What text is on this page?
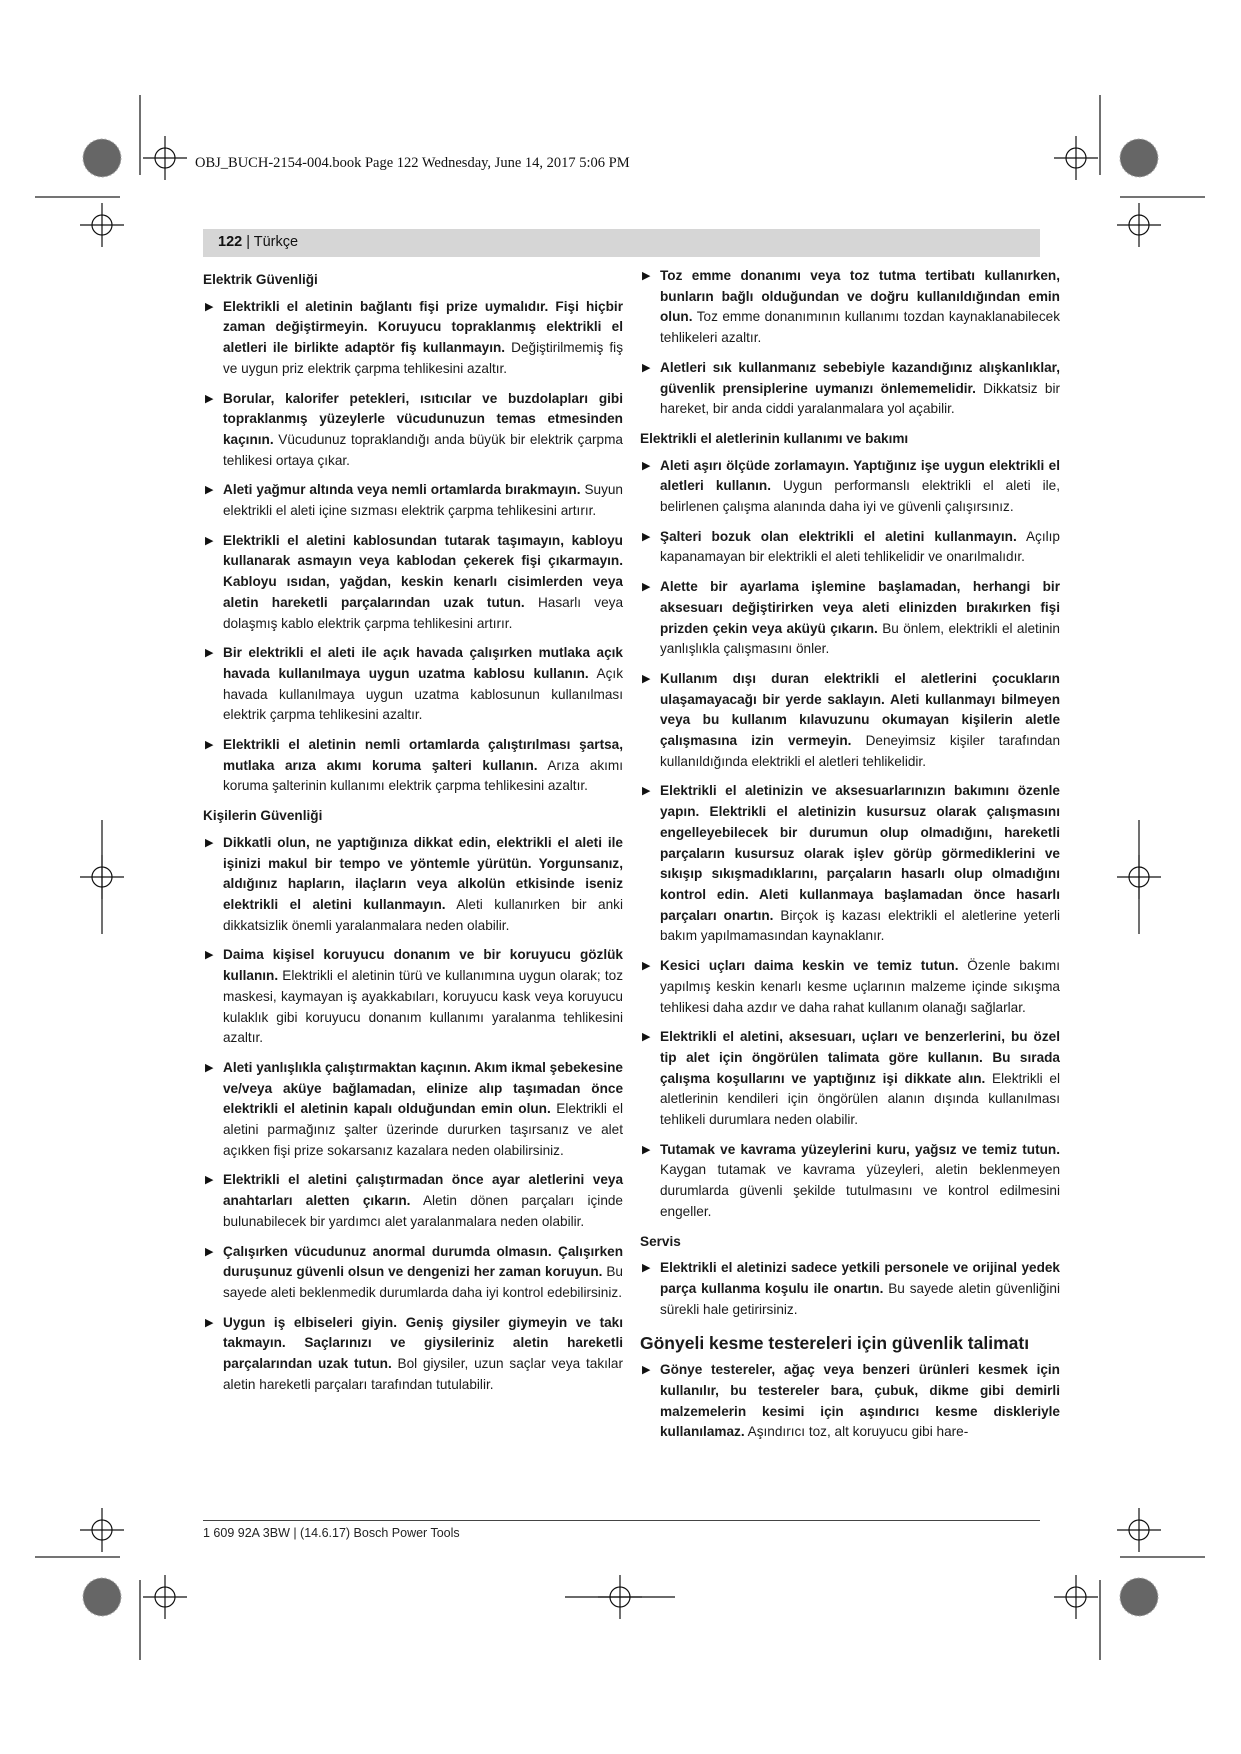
OBJ_BUCH-2154-004.book Page 122 Wednesday, June 14, 2017 5:06 PM

122 | Türkçe
Elektrik Güvenliği

▶ Elektrikli el aletinin bağlantı fişi prize uymalıdır. Fişi hiçbir zaman değiştirmeyin. Koruyucu topraklanmış elektrikli el aletleri ile birlikte adaptör fiş kullanmayın. Değiştirilmemiş fiş ve uygun priz elektrik çarpma tehlikesini azaltır.

▶ Borular, kalorifer petekleri, ısıtıcılar ve buzdolapları gibi topraklanmış yüzeylerle vücudunuzun temas etmesinden kaçının. Vücudunuz topraklandığı anda büyük bir elektrik çarpma tehlikesi ortaya çıkar.

▶ Aleti yağmur altında veya nemli ortamlarda bırakmayın. Suyun elektrikli el aleti içine sızması elektrik çarpma tehlikesini artırır.

▶ Elektrikli el aletini kablosundan tutarak taşımayın, kabloyu kullanarak asmayın veya kablodan çekerek fişi çıkarmayın. Kabloyu ısıdan, yağdan, keskin kenarlı cisimlerden veya aletin hareketli parçalarından uzak tutun. Hasarlı veya dolaşmış kablo elektrik çarpma tehlikesini artırır.

▶ Bir elektrikli el aleti ile açık havada çalışırken mutlaka açık havada kullanılmaya uygun uzatma kablosu kullanın. Açık havada kullanılmaya uygun uzatma kablosunun kullanılması elektrik çarpma tehlikesini azaltır.

▶ Elektrikli el aletinin nemli ortamlarda çalıştırılması şartsa, mutlaka arıza akımı koruma şalteri kullanın. Arıza akımı koruma şalterinin kullanımı elektrik çarpma tehlikesini azaltır.

Kişilerin Güvenliği

▶ Dikkatli olun, ne yaptığınıza dikkat edin, elektrikli el aleti ile işinizi makul bir tempo ve yöntemle yürütün. Yorgunsanız, aldığınız hapların, ilaçların veya alkolün etkisinde iseniz elektrikli el aletini kullanmayın. Aleti kullanırken bir anki dikkatsizlik önemli yaralanmalara neden olabilir.

▶ Daima kişisel koruyucu donanım ve bir koruyucu gözlük kullanın. Elektrikli el aletinin türü ve kullanımına uygun olarak; toz maskesi, kaymayan iş ayakkabıları, koruyucu kask veya koruyucu kulaklık gibi koruyucu donanım kullanımı yaralanma tehlikesini azaltır.

▶ Aleti yanlışlıkla çalıştırmaktan kaçının. Akım ikmal şebekesine ve/veya aküye bağlamadan, elinize alıp taşımadan önce elektrikli el aletinin kapalı olduğundan emin olun. Elektrikli el aletini parmağınız şalter üzerinde dururken taşırsanız ve alet açıkken fişi prize sokarsanız kazalara neden olabilirsiniz.

▶ Elektrikli el aletini çalıştırmadan önce ayar aletlerini veya anahtarları aletten çıkarın. Aletin dönen parçaları içinde bulunabilecek bir yardımcı alet yaralanmalara neden olabilir.

▶ Çalışırken vücudunuz anormal durumda olmasın. Çalışırken duruşunuz güvenli olsun ve dengenizi her zaman koruyun. Bu sayede aleti beklenmedik durumlarda daha iyi kontrol edebilirsiniz.

▶ Uygun iş elbiseleri giyin. Geniş giysiler giymeyin ve takı takmayın. Saçlarınızı ve giysileriniz aletin hareketli parçalarından uzak tutun. Bol giysiler, uzun saçlar veya takılar aletin hareketli parçaları tarafından tutulabilir.

▶ Toz emme donanımı veya toz tutma tertibatı kullanırken, bunların bağlı olduğundan ve doğru kullanıldığından emin olun. Toz emme donanımının kullanımı tozdan kaynaklanabilecek tehlikeleri azaltır.

▶ Aletleri sık kullanmanız sebebiyle kazandığınız alışkanlıklar, güvenlik prensiplerine uymanızı önlememelidir. Dikkatsiz bir hareket, bir anda ciddi yaralanmalara yol açabilir.

Elektrikli el aletlerinin kullanımı ve bakımı

▶ Aleti aşırı ölçüde zorlamayın. Yaptığınız işe uygun elektrikli el aletleri kullanın. Uygun performanslı elektrikli el aleti ile, belirlenen çalışma alanında daha iyi ve güvenli çalışırsınız.

▶ Şalteri bozuk olan elektrikli el aletini kullanmayın. Açılıp kapanamayan bir elektrikli el aleti tehlikelidir ve onarılmalıdır.

▶ Alette bir ayarlama işlemine başlamadan, herhangi bir aksesuarı değiştirirken veya aleti elinizden bırakırken fişi prizden çekin veya aküyü çıkarın. Bu önlem, elektrikli el aletinin yanlışlıkla çalışmasını önler.

▶ Kullanım dışı duran elektrikli el aletlerini çocukların ulaşamayacağı bir yerde saklayın. Aleti kullanmayı bilmeyen veya bu kullanım kılavuzunu okumayan kişilerin aletle çalışmasına izin vermeyin. Deneyimsiz kişiler tarafından kullanıldığında elektrikli el aletleri tehlikelidir.

▶ Elektrikli el aletinizin ve aksesuarlarınızın bakımını özenle yapın. Elektrikli el aletinizin kusursuz olarak çalışmasını engelleyebilecek bir durumun olup olmadığını, hareketli parçaların kusursuz olarak işlev görüp görmediklerini ve sıkışıp sıkışmadıklarını, parçaların hasarlı olup olmadığını kontrol edin. Aleti kullanmaya başlamadan önce hasarlı parçaları onartın. Birçok iş kazası elektrikli el aletlerine yeterli bakım yapılmamasından kaynaklanır.

▶ Kesici uçları daima keskin ve temiz tutun. Özenle bakımı yapılmış keskin kenarlı kesme uçlarının malzeme içinde sıkışma tehlikesi daha azdır ve daha rahat kullanım olanağı sağlarlar.

▶ Elektrikli el aletini, aksesuarı, uçları ve benzerlerini, bu özel tip alet için öngörülen talimata göre kullanın. Bu sırada çalışma koşullarını ve yaptığınız işi dikkate alın. Elektrikli el aletlerinin kendileri için öngörülen alanın dışında kullanılması tehlikeli durumlara neden olabilir.

▶ Tutamak ve kavrama yüzeylerini kuru, yağsız ve temiz tutun. Kaygan tutamak ve kavrama yüzeyleri, aletin beklenmeyen durumlarda güvenli şekilde tutulmasını ve kontrol edilmesini engeller.

Servis

▶ Elektrikli el aletinizi sadece yetkili personele ve orijinal yedek parça kullanma koşulu ile onartın. Bu sayede aletin güvenliğini sürekli hale getirirsiniz.

Gönyeli kesme testereleri için güvenlik talimatı

▶ Gönye testereler, ağaç veya benzeri ürünleri kesmek için kullanılır, bu testereler bara, çubuk, dikme gibi demirli malzemelerin kesimi için aşındırıcı kesme diskleriyle kullanılamaz. Aşındırıcı toz, alt koruyucu gibi hare-

1 609 92A 3BW | (14.6.17) Bosch Power Tools
